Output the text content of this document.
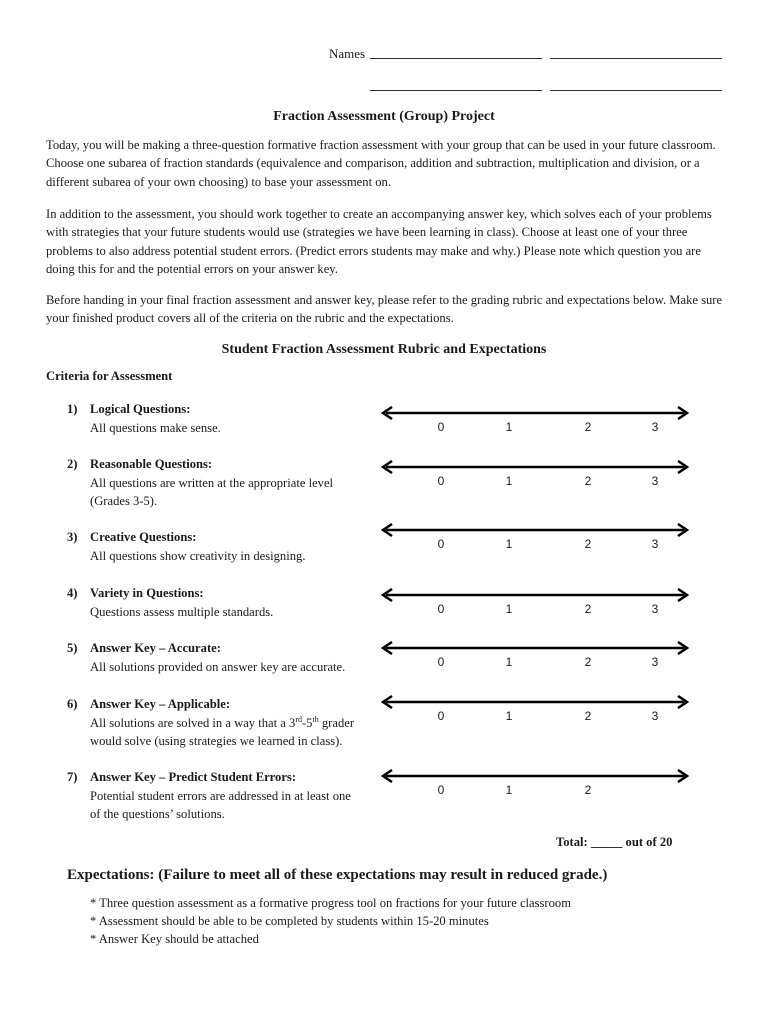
Names
Fraction Assessment (Group) Project
Today, you will be making a three-question formative fraction assessment with your group that can be used in your future classroom. Choose one subarea of fraction standards (equivalence and comparison, addition and subtraction, multiplication and division, or a different subarea of your own choosing) to base your assessment on.
In addition to the assessment, you should work together to create an accompanying answer key, which solves each of your problems with strategies that your future students would use (strategies we have been learning in class). Choose at least one of your three problems to also address potential student errors. (Predict errors students may make and why.) Please note which question you are doing this for and the potential errors on your answer key.
Before handing in your final fraction assessment and answer key, please refer to the grading rubric and expectations below. Make sure your finished product covers all of the criteria on the rubric and the expectations.
Student Fraction Assessment Rubric and Expectations
Criteria for Assessment
1) Logical Questions:
All questions make sense.
2) Reasonable Questions:
All questions are written at the appropriate level (Grades 3-5).
3) Creative Questions:
All questions show creativity in designing.
4) Variety in Questions:
Questions assess multiple standards.
5) Answer Key – Accurate:
All solutions provided on answer key are accurate.
6) Answer Key – Applicable:
All solutions are solved in a way that a 3rd-5th grader would solve (using strategies we learned in class).
7) Answer Key – Predict Student Errors:
Potential student errors are addressed in at least one of the questions’ solutions.
0	1	2	3
0	1	2	3
0	1	2	3
0	1	2	3
0	1	2	3
0	1	2	3
0	1	2
Total: _____ out of 20
Expectations: (Failure to meet all of these expectations may result in reduced grade.)
* Three question assessment as a formative progress tool on fractions for your future classroom
* Assessment should be able to be completed by students within 15-20 minutes
* Answer Key should be attached
